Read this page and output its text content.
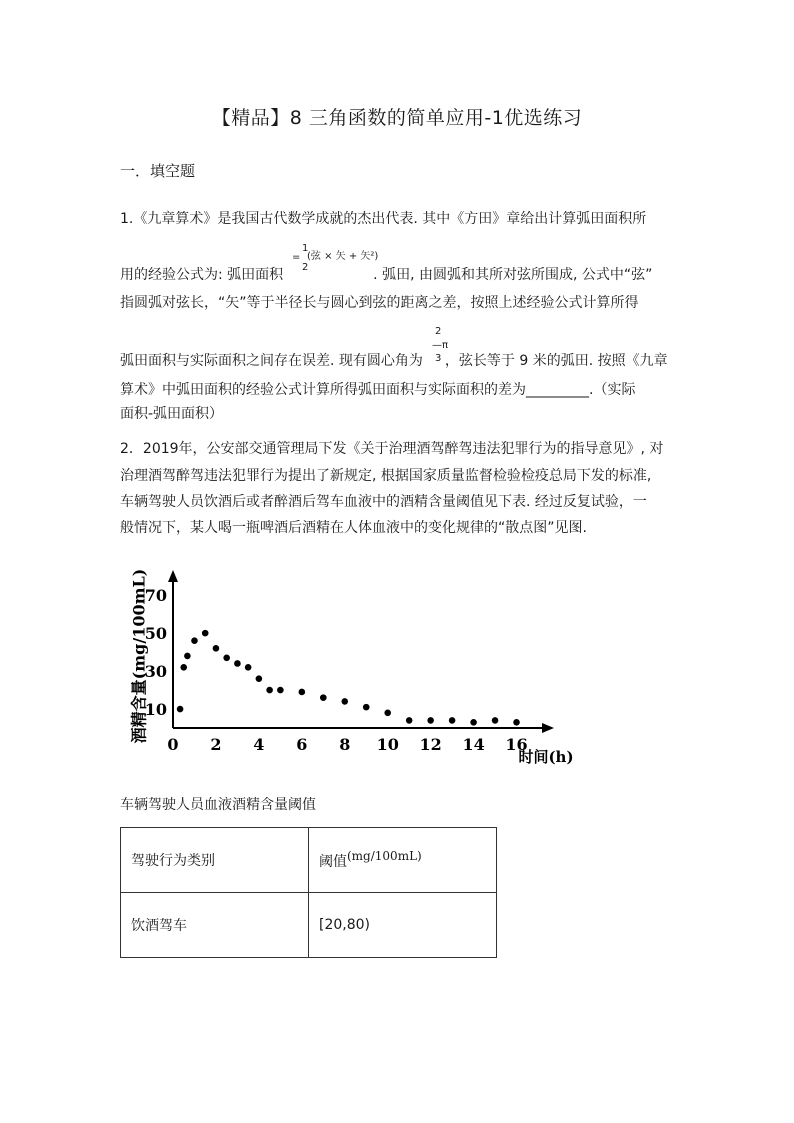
【精品】8 三角函数的简单应用-1优选练习
一．填空题
1.《九章算术》是我国古代数学成就的杰出代表. 其中《方田》章给出计算弧田面积所
1
= (弦 × 矢 + 矢²)
2
用的经验公式为: 弧田面积	. 弧田, 由圆弧和其所对弦所围成, 公式中“弦”
指圆弧对弦长，“矢”等于半径长与圆心到弦的距离之差，按照上述经验公式计算所得
2
—π
3
弧田面积与实际面积之间存在误差. 现有圆心角为 ，弦长等于 9 米的弧田. 按照《九章
算术》中弧田面积的经验公式计算所得弧田面积与实际面积的差为_________.（实际
面积-弧田面积）
2．2019年，公安部交通管理局下发《关于治理酒驾醉驾违法犯罪行为的指导意见》, 对
治理酒驾醉驾违法犯罪行为提出了新规定, 根据国家质量监督检验检疫总局下发的标准,
车辆驾驶人员饮酒后或者醉酒后驾车血液中的酒精含量阈值见下表. 经过反复试验，一
般情况下，某人喝一瓶啤酒后酒精在人体血液中的变化规律的“散点图”见图.
酒精含量(mg/100mL)
时间(h)
0 2 4 6 8 10 12 14 16
10
30
50
70
车辆驾驶人员血液酒精含量阈值
驾驶行为类别	阈值$^{(mg/100mL)}$
饮酒驾车	[20,80)
